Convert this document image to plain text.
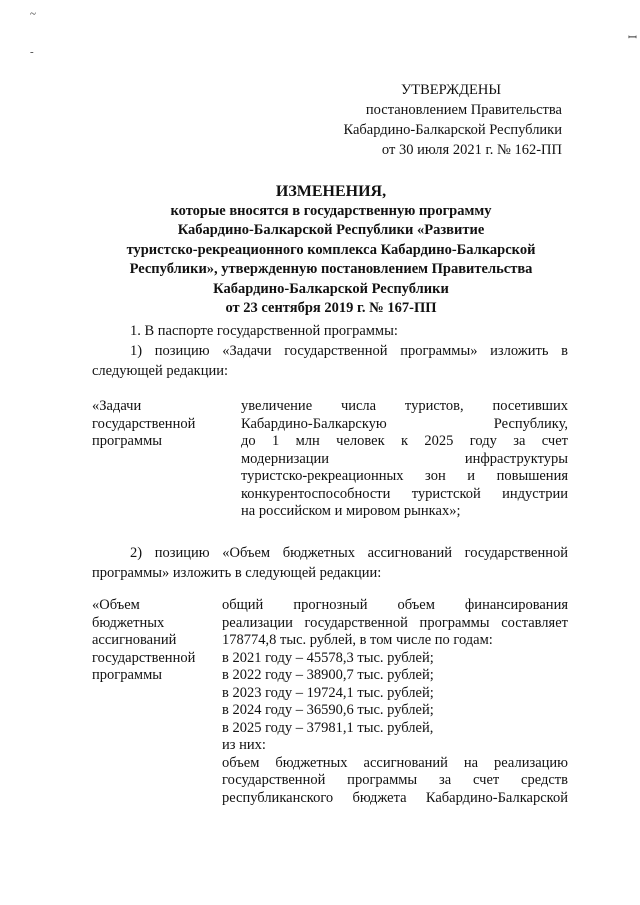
~
-
ꟷ
УТВЕРЖДЕНЫ
постановлением Правительства
Кабардино-Балкарской Республики
от 30 июля 2021 г. № 162-ПП
ИЗМЕНЕНИЯ,
которые вносятся в государственную программу
Кабардино-Балкарской Республики «Развитие
туристско-рекреационного комплекса Кабардино-Балкарской
Республики», утвержденную постановлением Правительства
Кабардино-Балкарской Республики
от 23 сентября 2019 г. № 167-ПП
1. В паспорте государственной программы:
1) позицию «Задачи государственной программы» изложить в следующей редакции:
«Задачи
государственной
программы
увеличение числа туристов, посетивших
Кабардино-Балкарскую Республику,
до 1 млн человек к 2025 году за счет
модернизации инфраструктуры
туристско-рекреационных зон и повышения
конкурентоспособности туристской индустрии
на российском и мировом рынках»;
2) позицию «Объем бюджетных ассигнований государственной программы» изложить в следующей редакции:
«Объем
бюджетных
ассигнований
государственной
программы
общий прогнозный объем финансирования
реализации государственной программы составляет
178774,8 тыс. рублей, в том числе по годам:
в 2021 году – 45578,3 тыс. рублей;
в 2022 году – 38900,7 тыс. рублей;
в 2023 году – 19724,1 тыс. рублей;
в 2024 году – 36590,6 тыс. рублей;
в 2025 году – 37981,1 тыс. рублей,
из них:
объем бюджетных ассигнований на реализацию
государственной программы за счет средств
республиканского бюджета Кабардино-Балкарской
